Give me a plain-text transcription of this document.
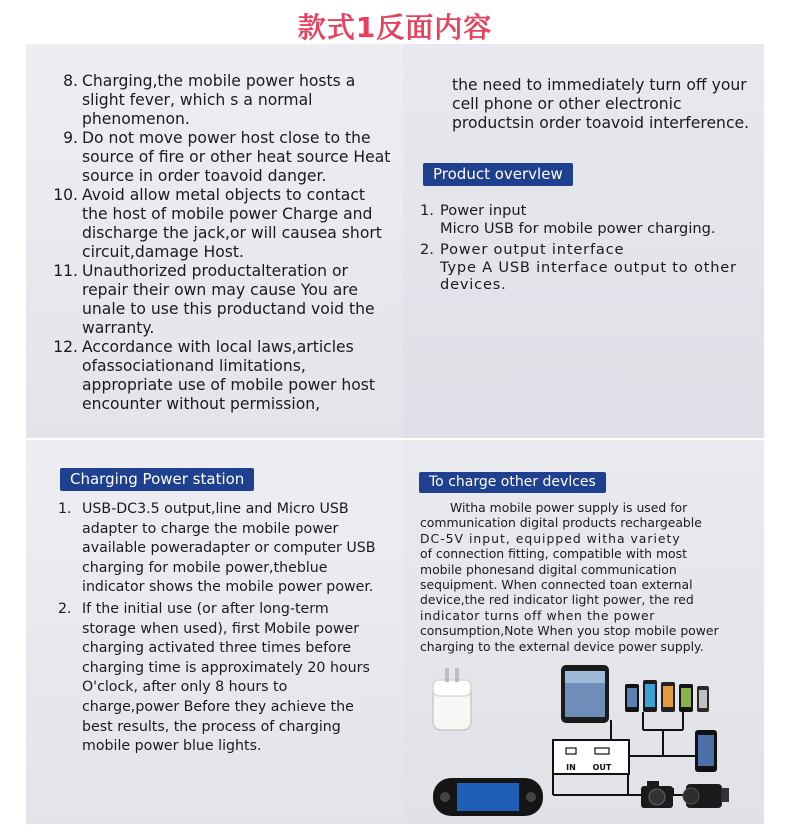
款式1反面内容
8. Charging,the mobile power hosts a slight fever, which s a normal phenomenon.
9. Do not move power host close to the source of fire or other heat source Heat source in order toavoid danger.
10. Avoid allow metal objects to contact the host of mobile power Charge and discharge the jack,or will causea short circuit,damage Host.
11. Unauthorized productalteration or repair their own may cause You are unale to use this productand void the warranty.
12. Accordance with local laws,articles ofassociationand limitations, appropriate use of mobile power host encounter without permission,
the need to immediately turn off your cell phone or other electronic productsin order toavoid interference.
Product overvlew
1. Power input
Micro USB for mobile power charging.
2. Power output interface
Type A USB interface output to other devices.
Charging Power station
1. USB-DC3.5 output,line and Micro USB adapter to charge the mobile power available poweradapter or computer USB charging for mobile power,theblue indicator shows the mobile power power.
2. If the initial use (or after long-term storage when used), first Mobile power charging activated three times before charging time is approximately 20 hours O'clock, after only 8 hours to charge,power Before they achieve the best results, the process of charging mobile power blue lights.
To charge other devlces
Witha mobile power supply is used for
communication digital products rechargeable
DC-5V input, equipped witha variety
of connection fitting, compatible with most
mobile phonesand digital communication
sequipment. When connected toan external
device,the red indicator light power, the red
indicator turns off when the power
consumption,Note When you stop mobile power
charging to the external device power supply.
IN OUT
